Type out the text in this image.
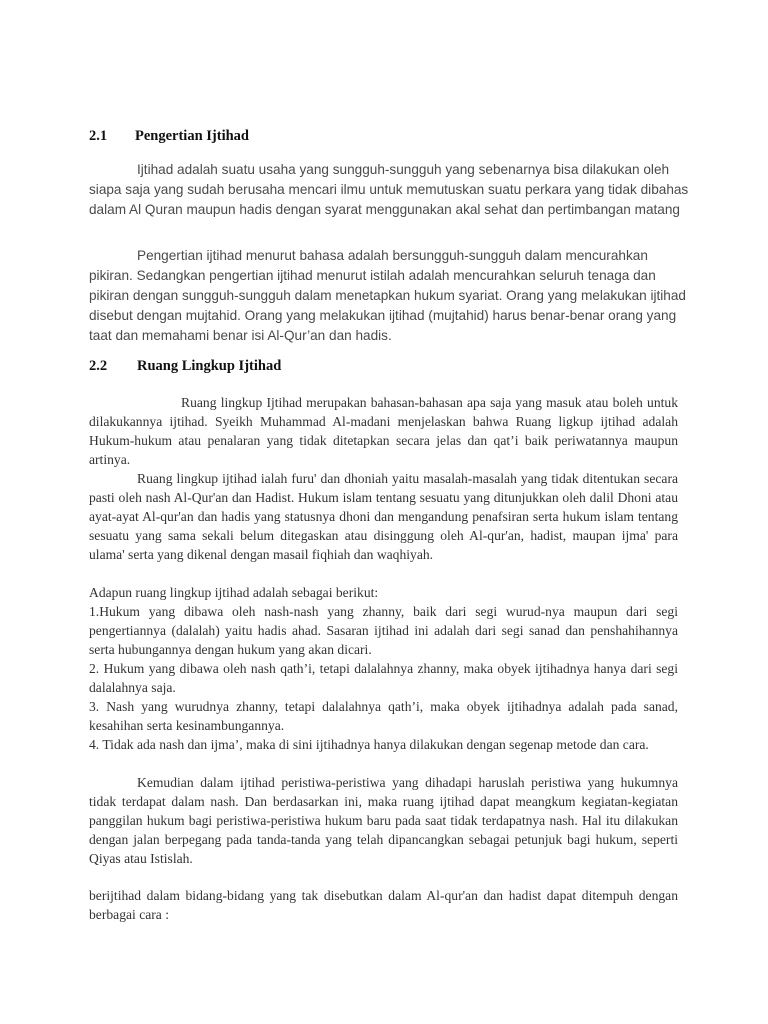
2.1 Pengertian Ijtihad

Ijtihad adalah suatu usaha yang sungguh-sungguh yang sebenarnya bisa dilakukan oleh siapa saja yang sudah berusaha mencari ilmu untuk memutuskan suatu perkara yang tidak dibahas dalam Al Quran maupun hadis dengan syarat menggunakan akal sehat dan pertimbangan matang

Pengertian ijtihad menurut bahasa adalah bersungguh-sungguh dalam mencurahkan pikiran. Sedangkan pengertian ijtihad menurut istilah adalah mencurahkan seluruh tenaga dan pikiran dengan sungguh-sungguh dalam menetapkan hukum syariat. Orang yang melakukan ijtihad disebut dengan mujtahid. Orang yang melakukan ijtihad (mujtahid) harus benar-benar orang yang taat dan memahami benar isi Al-Qur’an dan hadis.

2.2 Ruang Lingkup Ijtihad

Ruang lingkup Ijtihad merupakan bahasan-bahasan apa saja yang masuk atau boleh untuk dilakukannya ijtihad. Syeikh Muhammad Al-madani menjelaskan bahwa Ruang ligkup ijtihad adalah Hukum-hukum atau penalaran yang tidak ditetapkan secara jelas dan qat’i baik periwatannya maupun artinya.

Ruang lingkup ijtihad ialah furu' dan dhoniah yaitu masalah-masalah yang tidak ditentukan secara pasti oleh nash Al-Qur'an dan Hadist. Hukum islam tentang sesuatu yang ditunjukkan oleh dalil Dhoni atau ayat-ayat Al-qur'an dan hadis yang statusnya dhoni dan mengandung penafsiran serta hukum islam tentang sesuatu yang sama sekali belum ditegaskan atau disinggung oleh Al-qur'an, hadist, maupan ijma' para ulama' serta yang dikenal dengan masail fiqhiah dan waqhiyah.

Adapun ruang lingkup ijtihad adalah sebagai berikut:

1.Hukum yang dibawa oleh nash-nash yang zhanny, baik dari segi wurud-nya maupun dari segi pengertiannya (dalalah) yaitu hadis ahad. Sasaran ijtihad ini adalah dari segi sanad dan penshahihannya serta hubungannya dengan hukum yang akan dicari.

2. Hukum yang dibawa oleh nash qath’i, tetapi dalalahnya zhanny, maka obyek ijtihadnya hanya dari segi dalalahnya saja.

3. Nash yang wurudnya zhanny, tetapi dalalahnya qath’i, maka obyek ijtihadnya adalah pada sanad, kesahihan serta kesinambungannya.

4. Tidak ada nash dan ijma’, maka di sini ijtihadnya hanya dilakukan dengan segenap metode dan cara.

Kemudian dalam ijtihad peristiwa-peristiwa yang dihadapi haruslah peristiwa yang hukumnya tidak terdapat dalam nash. Dan berdasarkan ini, maka ruang ijtihad dapat meangkum kegiatan-kegiatan panggilan hukum bagi peristiwa-peristiwa hukum baru pada saat tidak terdapatnya nash. Hal itu dilakukan dengan jalan berpegang pada tanda-tanda yang telah dipancangkan sebagai petunjuk bagi hukum, seperti Qiyas atau Istislah.

berijtihad dalam bidang-bidang yang tak disebutkan dalam Al-qur'an dan hadist dapat ditempuh dengan berbagai cara :
